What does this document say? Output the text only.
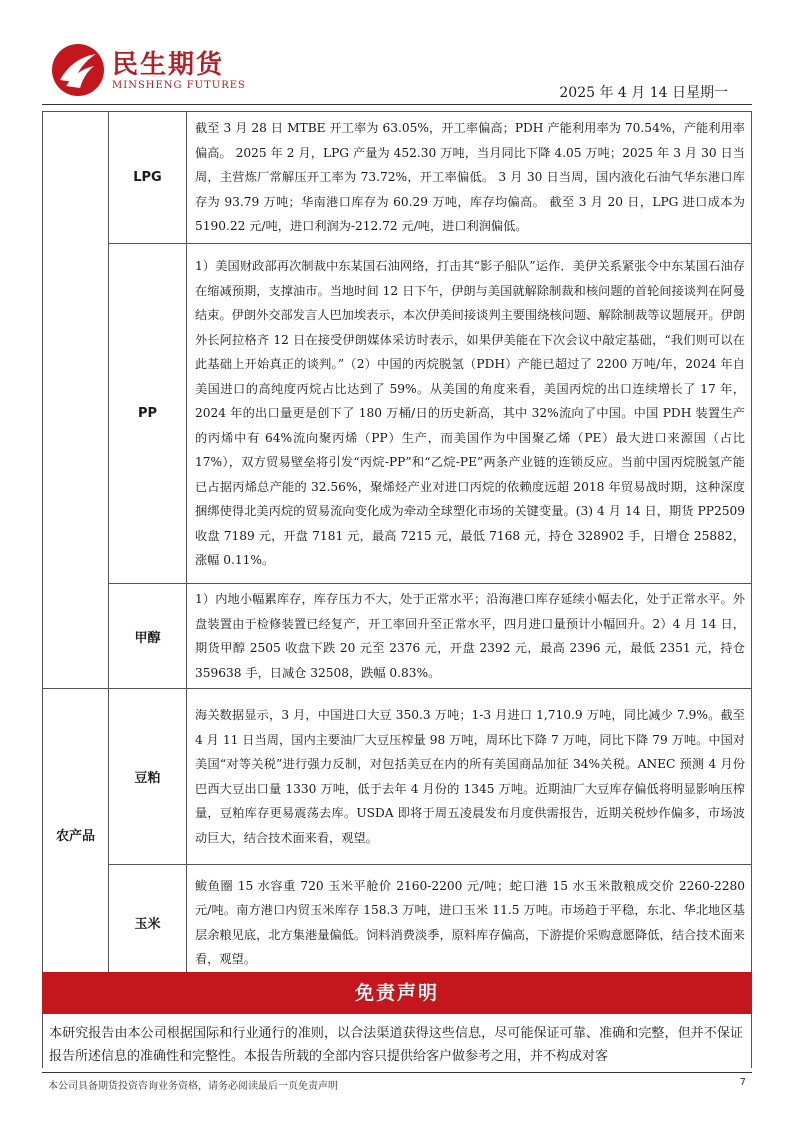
民生期货
MINSHENG FUTURES	2025 年 4 月 14 日星期一
	LPG	截至 3 月 28 日 MTBE 开工率为 63.05%，开工率偏高；PDH 产能利用率为 70.54%，产能利用率偏高。 2025 年 2 月，LPG 产量为 452.30 万吨，当月同比下降 4.05 万吨；2025 年 3 月 30 日当周，主营炼厂常解压开工率为 73.72%，开工率偏低。 3 月 30 日当周，国内液化石油气华东港口库存为 93.79 万吨；华南港口库存为 60.29 万吨，库存均偏高。 截至 3 月 20 日，LPG 进口成本为 5190.22 元/吨，进口利润为-212.72 元/吨，进口利润偏低。
	PP	1）美国财政部再次制裁中东某国石油网络，打击其“影子船队”运作．美伊关系紧张令中东某国石油存在缩减预期，支撑油市。当地时间 12 日下午，伊朗与美国就解除制裁和核问题的首轮间接谈判在阿曼结束。伊朗外交部发言人巴加埃表示，本次伊美间接谈判主要围绕核问题、解除制裁等议题展开。伊朗外长阿拉格齐 12 日在接受伊朗媒体采访时表示，如果伊美能在下次会议中敲定基础，“我们则可以在此基础上开始真正的谈判。”（2）中国的丙烷脱氢（PDH）产能已超过了 2200 万吨/年，2024 年自美国进口的高纯度丙烷占比达到了 59%。从美国的角度来看，美国丙烷的出口连续增长了 17 年，2024 年的出口量更是创下了 180 万桶/日的历史新高，其中 32%流向了中国。中国 PDH 装置生产的丙烯中有 64%流向聚丙烯（PP）生产，而美国作为中国聚乙烯（PE）最大进口来源国（占比 17%），双方贸易壁垒将引发“丙烷-PP”和“乙烷-PE”两条产业链的连锁反应。当前中国丙烷脱氢产能已占据丙烯总产能的 32.56%，聚烯烃产业对进口丙烷的依赖度远超 2018 年贸易战时期，这种深度捆绑使得北美丙烷的贸易流向变化成为牵动全球塑化市场的关键变量。(3) 4 月 14 日，期货 PP2509 收盘 7189 元，开盘 7181 元，最高 7215 元，最低 7168 元，持仓 328902 手，日增仓 25882，涨幅 0.11%。
	甲醇	1）内地小幅累库存，库存压力不大，处于正常水平；沿海港口库存延续小幅去化，处于正常水平。外盘装置由于检修装置已经复产，开工率回升至正常水平，四月进口量预计小幅回升。2）4 月 14 日，期货甲醇 2505 收盘下跌 20 元至 2376 元，开盘 2392 元，最高 2396 元，最低 2351 元，持仓 359638 手，日减仓 32508，跌幅 0.83%。
农产品	豆粕	海关数据显示，3 月，中国进口大豆 350.3 万吨；1-3 月进口 1,710.9 万吨，同比减少 7.9%。截至 4 月 11 日当周，国内主要油厂大豆压榨量 98 万吨，周环比下降 7 万吨，同比下降 79 万吨。中国对美国“对等关税”进行强力反制，对包括美豆在内的所有美国商品加征 34%关税。ANEC 预测 4 月份巴西大豆出口量 1330 万吨，低于去年 4 月份的 1345 万吨。近期油厂大豆库存偏低将明显影响压榨量，豆粕库存更易震荡去库。USDA 即将于周五凌晨发布月度供需报告，近期关税炒作偏多，市场波动巨大，结合技术面来看，观望。
	玉米	鲅鱼圈 15 水容重 720 玉米平舱价 2160-2200 元/吨；蛇口港 15 水玉米散粮成交价 2260-2280 元/吨。南方港口内贸玉米库存 158.3 万吨，进口玉米 11.5 万吨。市场趋于平稳，东北、华北地区基层余粮见底，北方集港量偏低。饲料消费淡季，原料库存偏高，下游提价采购意愿降低，结合技术面来看，观望。
免责声明
本研究报告由本公司根据国际和行业通行的准则，以合法渠道获得这些信息，尽可能保证可靠、准确和完整，但并不保证报告所述信息的准确性和完整性。本报告所载的全部内容只提供给客户做参考之用，并不构成对客
本公司具备期货投资咨询业务资格，请务必阅读最后一页免责声明	7
